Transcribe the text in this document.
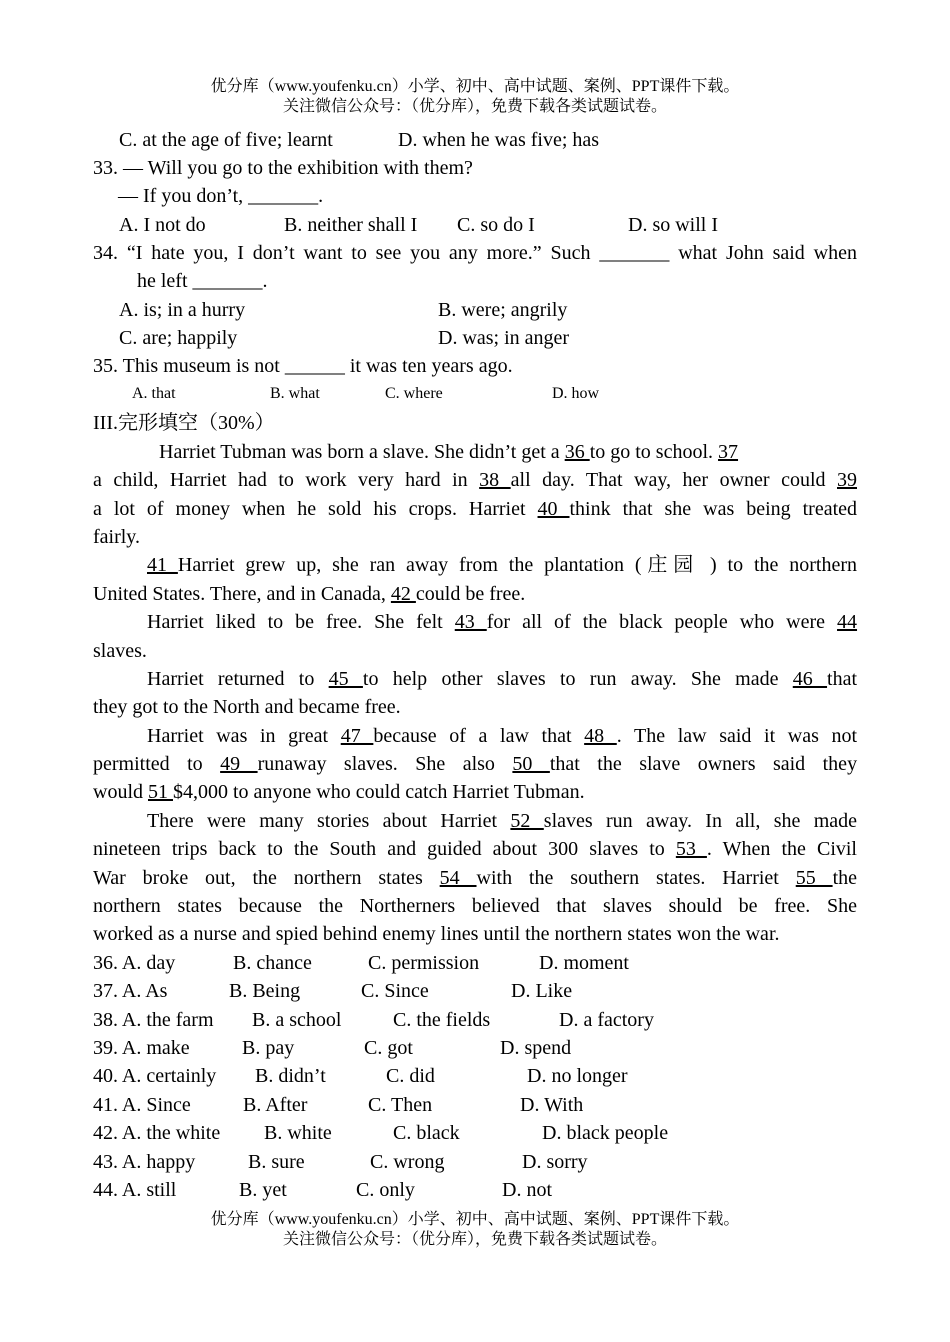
优分库（www.youfenku.cn）小学、初中、高中试题、案例、PPT课件下载。
关注微信公众号：（优分库），免费下载各类试题试卷。
C. at the age of five; learnt	D. when he was five; has
33. — Will you go to the exhibition with them?
— If you don’t, _______.
A. I not do	B. neither shall I C. so do I	D. so will I
34. “I hate you, I don’t want to see you any more.” Such _______ what John said when
he left _______.
A. is; in a hurry	B. were; angrily
C. are; happily	D. was; in anger
35. This museum is not ______ it was ten years ago.
A. that	B. what	C. where	D. how
III.完形填空（30%）
Harriet Tubman was born a slave. She didn’t get a 36 to go to school. 37
a child, Harriet had to work very hard in 38 all day. That way, her owner could 39
a lot of money when he sold his crops. Harriet 40 think that she was being treated
fairly.
41 Harriet grew up, she ran away from the plantation (庄园 ) to the northern
United States. There, and in Canada, 42 could be free.
Harriet liked to be free. She felt 43 for all of the black people who were 44
slaves.
Harriet returned to 45 to help other slaves to run away. She made 46 that
they got to the North and became free.
Harriet was in great 47 because of a law that 48 . The law said it was not
permitted to 49 runaway slaves. She also 50 that the slave owners said they
would 51 $4,000 to anyone who could catch Harriet Tubman.
There were many stories about Harriet 52 slaves run away. In all, she made
nineteen trips back to the South and guided about 300 slaves to 53 . When the Civil
War broke out, the northern states 54 with the southern states. Harriet 55 the
northern states because the Northerners believed that slaves should be free. She
worked as a nurse and spied behind enemy lines until the northern states won the war.
36. A. day	B. chance	C. permission	D. moment
37. A. As	B. Being	C. Since	D. Like
38. A. the farm B. a school	C. the fields	D. a factory
39. A. make	B. pay	C. got	D. spend
40. A. certainly B. didn’t	C. did	D. no longer
41. A. Since	B. After	C. Then	D. With
42. A. the white B. white	C. black	D. black people
43. A. happy	B. sure	C. wrong	D. sorry
44. A. still	B. yet	C. only	D. not
优分库（www.youfenku.cn）小学、初中、高中试题、案例、PPT课件下载。
关注微信公众号：（优分库），免费下载各类试题试卷。
